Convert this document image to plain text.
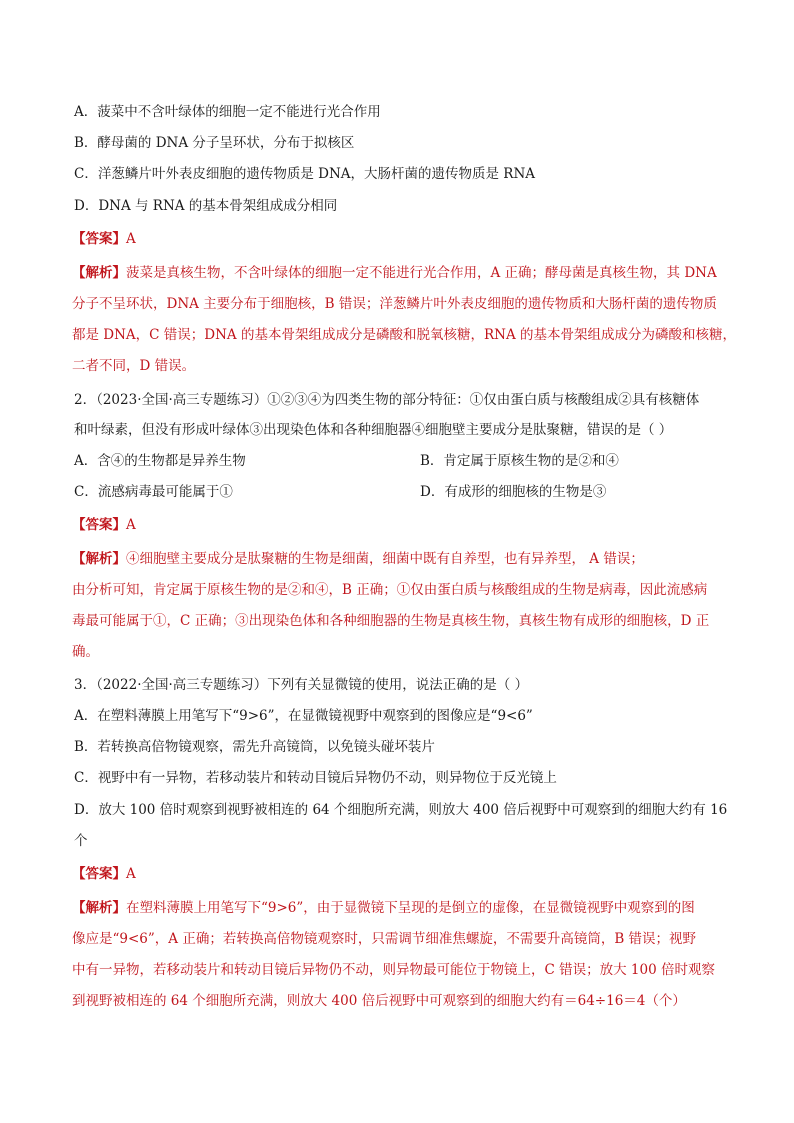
A．菠菜中不含叶绿体的细胞一定不能进行光合作用
B．酵母菌的 DNA 分子呈环状，分布于拟核区
C．洋葱鳞片叶外表皮细胞的遗传物质是 DNA，大肠杆菌的遗传物质是 RNA
D．DNA 与 RNA 的基本骨架组成成分相同
【答案】A
【解析】菠菜是真核生物，不含叶绿体的细胞一定不能进行光合作用，A 正确；酵母菌是真核生物，其 DNA
分子不呈环状，DNA 主要分布于细胞核，B 错误；洋葱鳞片叶外表皮细胞的遗传物质和大肠杆菌的遗传物质
都是 DNA，C 错误；DNA 的基本骨架组成成分是磷酸和脱氧核糖，RNA 的基本骨架组成成分为磷酸和核糖，
二者不同，D 错误。
2．（2023·全国·高三专题练习）①②③④为四类生物的部分特征：①仅由蛋白质与核酸组成②具有核糖体
和叶绿素，但没有形成叶绿体③出现染色体和各种细胞器④细胞壁主要成分是肽聚糖，错误的是（ ）
A．含④的生物都是异养生物	B．肯定属于原核生物的是②和④
C．流感病毒最可能属于①	D．有成形的细胞核的生物是③
【答案】A
【解析】④细胞壁主要成分是肽聚糖的生物是细菌，细菌中既有自养型，也有异养型， A 错误；
由分析可知，肯定属于原核生物的是②和④，B 正确；①仅由蛋白质与核酸组成的生物是病毒，因此流感病
毒最可能属于①，C 正确；③出现染色体和各种细胞器的生物是真核生物，真核生物有成形的细胞核，D 正
确。
3．（2022·全国·高三专题练习）下列有关显微镜的使用，说法正确的是（ ）
A．在塑料薄膜上用笔写下“9>6”，在显微镜视野中观察到的图像应是“9<6”
B．若转换高倍物镜观察，需先升高镜筒，以免镜头碰坏装片
C．视野中有一异物，若移动装片和转动目镜后异物仍不动，则异物位于反光镜上
D．放大 100 倍时观察到视野被相连的 64 个细胞所充满，则放大 400 倍后视野中可观察到的细胞大约有 16
个
【答案】A
【解析】在塑料薄膜上用笔写下“9>6”，由于显微镜下呈现的是倒立的虚像，在显微镜视野中观察到的图
像应是“9<6”，A 正确；若转换高倍物镜观察时，只需调节细准焦螺旋，不需要升高镜筒，B 错误；视野
中有一异物，若移动装片和转动目镜后异物仍不动，则异物最可能位于物镜上，C 错误；放大 100 倍时观察
到视野被相连的 64 个细胞所充满，则放大 400 倍后视野中可观察到的细胞大约有＝64÷16＝4（个）
